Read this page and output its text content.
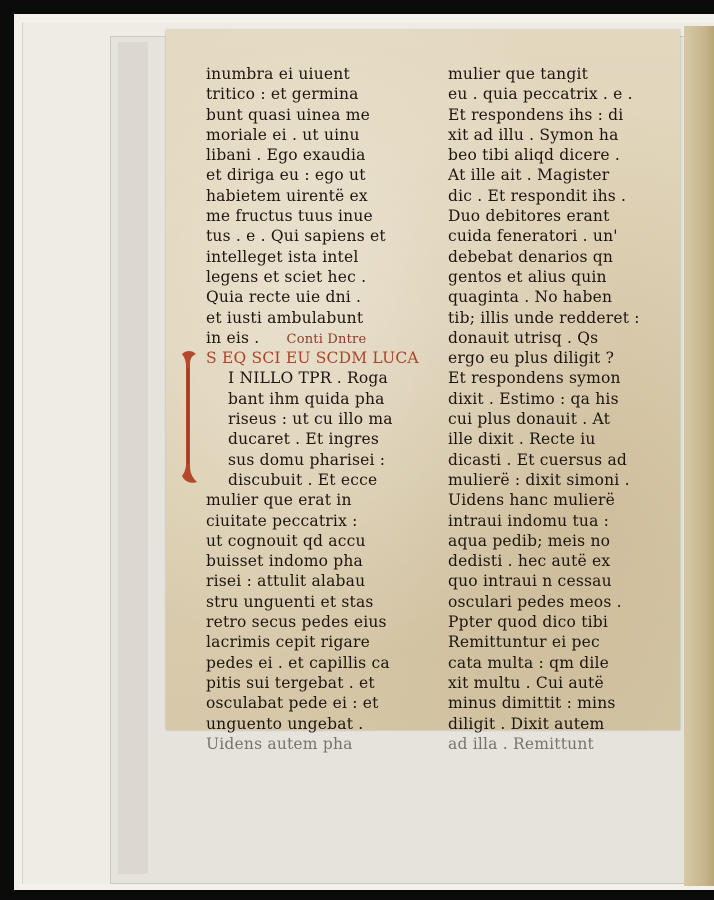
inumbra ei uiuent
tritico : et germina
bunt quasi uinea me
moriale ei . ut uinu
libani . Ego exaudia
et diriga eu : ego ut
habietem uirentë ex
me fructus tuus inue
tus . e . Qui sapiens et
intelleget ista intel
legens et sciet hec .
Quia recte uie dni .
et iusti ambulabunt
in eis . Conti Dntre
S EQ SCI EU SCDM LUCA
I NILLO TPR . Roga
bant ihm quida pha
riseus : ut cu illo ma
ducaret . Et ingres
sus domu pharisei :
discubuit . Et ecce
mulier que erat in
ciuitate peccatrix :
ut cognouit qd accu
buisset indomo pha
risei : attulit alabau
stru unguenti et stas
retro secus pedes eius
lacrimis cepit rigare
pedes ei . et capillis ca
pitis sui tergebat . et
osculabat pede ei : et
unguento ungebat .
Uidens autem pha
mulier que tangit
eu . quia peccatrix . e .
Et respondens ihs : di
xit ad illu . Symon ha
beo tibi aliqd dicere .
At ille ait . Magister
dic . Et respondit ihs .
Duo debitores erant
cuida feneratori . un'
debebat denarios qn
gentos et alius quin
quaginta . No haben
tib; illis unde redderet :
donauit utrisq . Qs
ergo eu plus diligit ?
Et respondens symon
dixit . Estimo : qa his
cui plus donauit . At
ille dixit . Recte iu
dicasti . Et cuersus ad
mulierë : dixit simoni .
Uidens hanc mulierë
intraui indomu tua :
aqua pedib; meis no
dedisti . hec autë ex
quo intraui n cessau
osculari pedes meos .
Ppter quod dico tibi
Remittuntur ei pec
cata multa : qm dile
xit multu . Cui autë
minus dimittit : mins
diligit . Dixit autem
ad illa . Remittunt
